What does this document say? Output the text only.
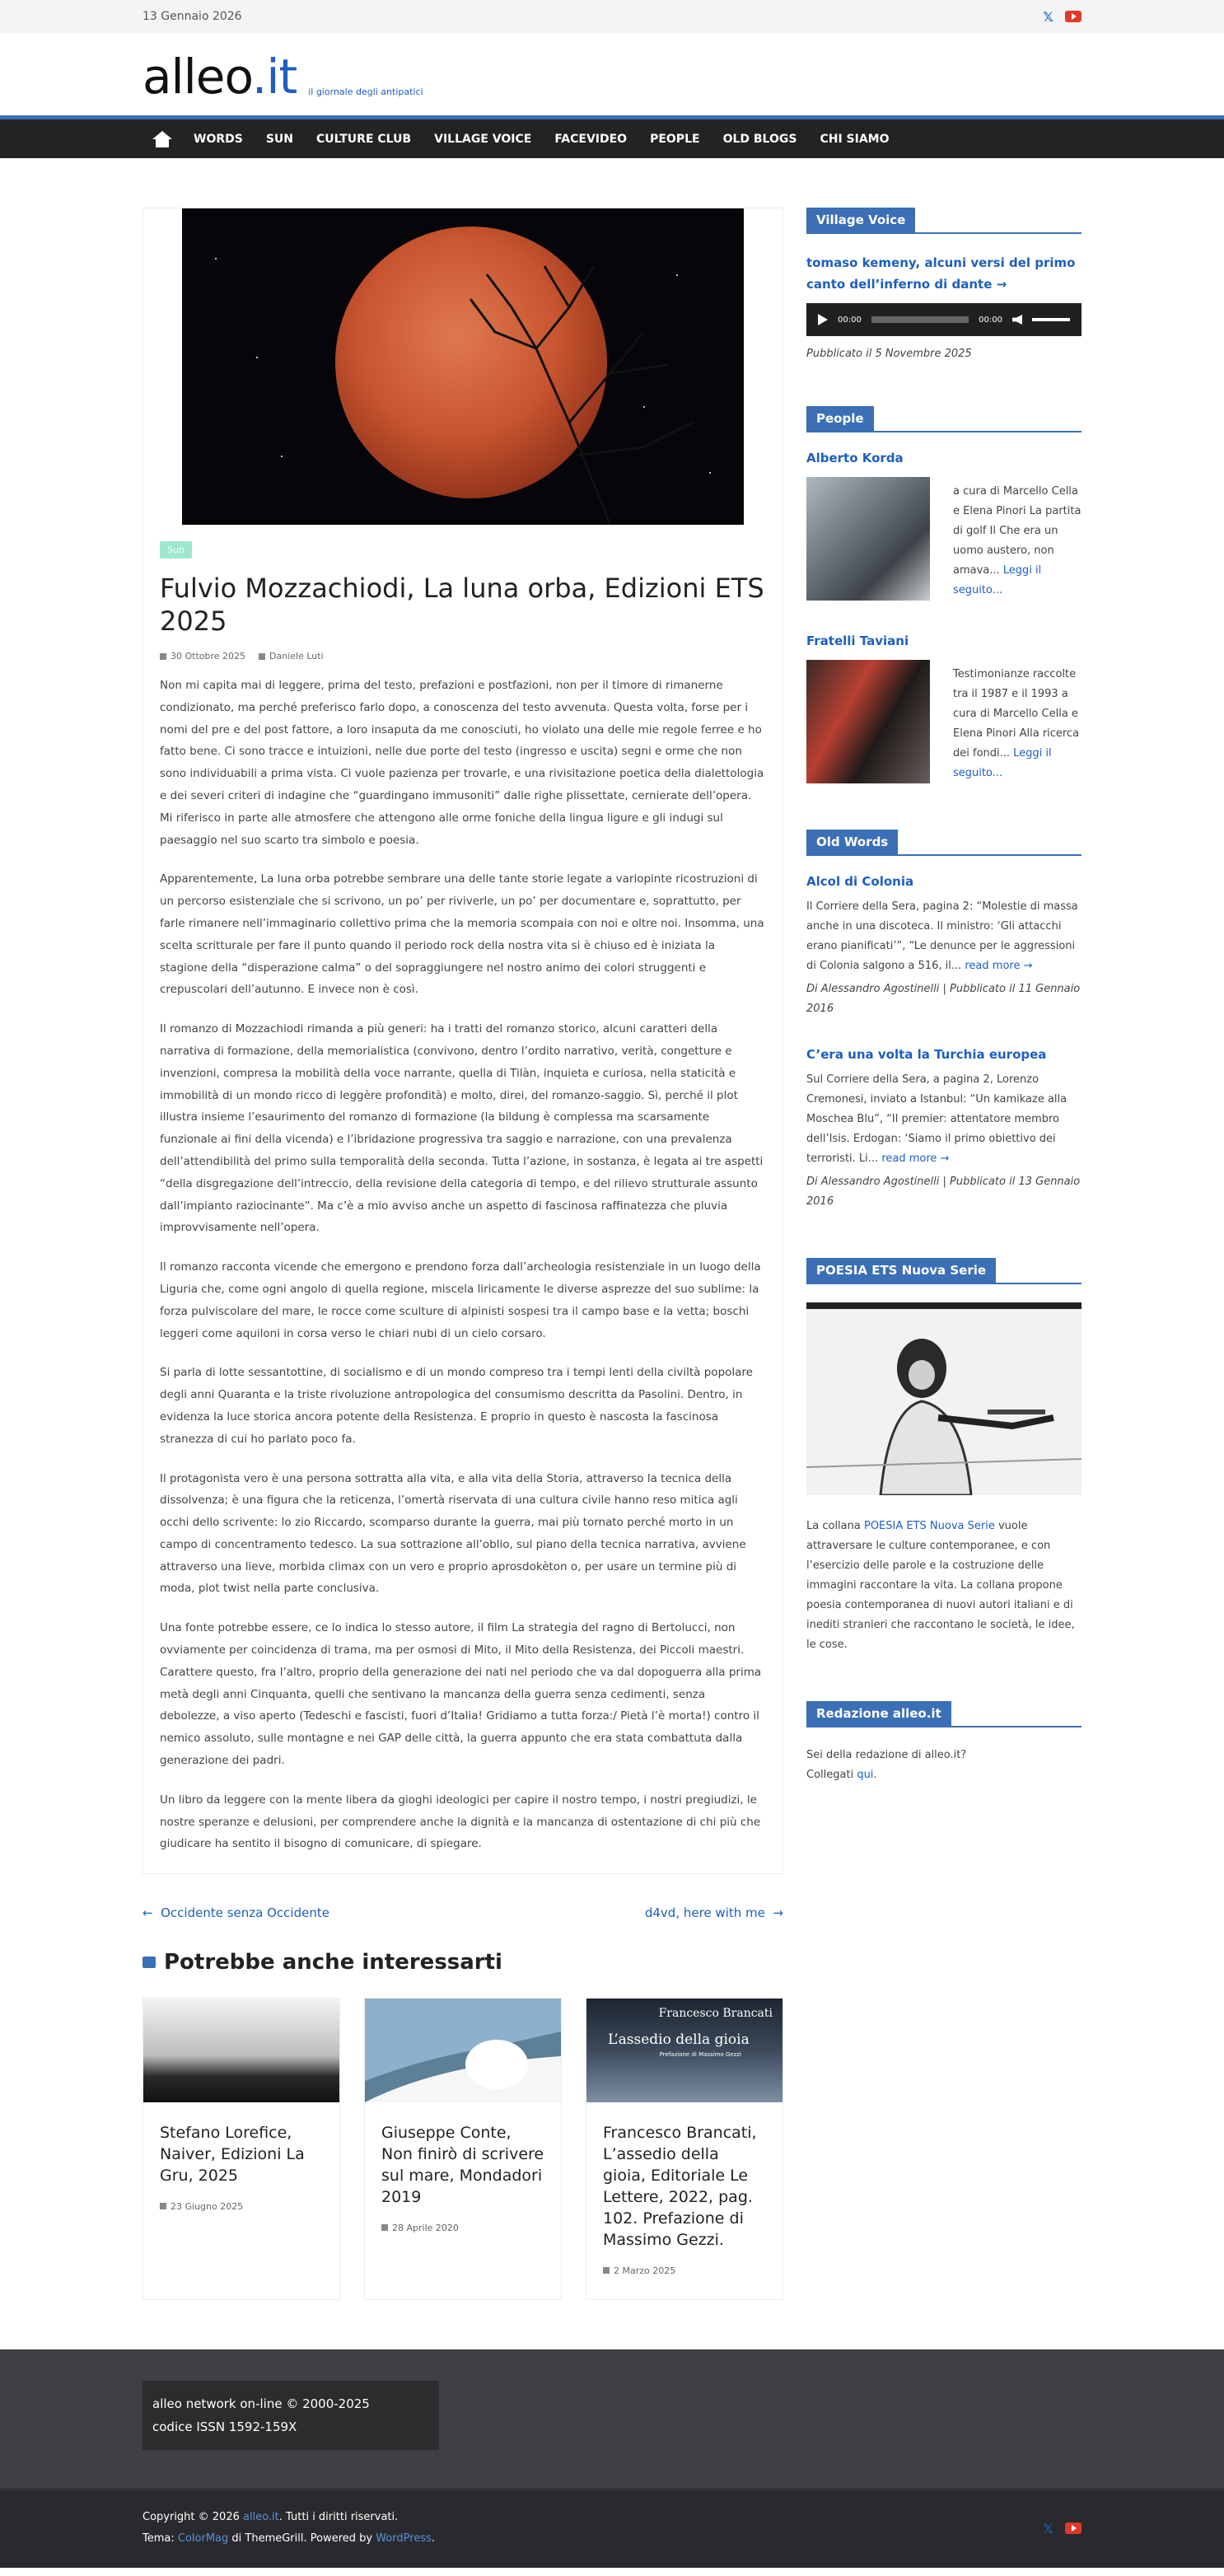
13 Gennaio 2026	𝕏
alleo.it il giornale degli antipatici
WORDS SUN CULTURE CLUB VILLAGE VOICE FACEVIDEO PEOPLE OLD BLOGS CHI SIAMO
Sun
Fulvio Mozzachiodi, La luna orba, Edizioni ETS 2025
30 Ottobre 2025	Daniele Luti

Non mi capita mai di leggere, prima del testo, prefazioni e postfazioni, non per il timore di rimanerne condizionato, ma perché preferisco farlo dopo, a conoscenza del testo avvenuta. Questa volta, forse per i nomi del pre e del post fattore, a loro insaputa da me conosciuti, ho violato una delle mie regole ferree e ho fatto bene. Ci sono tracce e intuizioni, nelle due porte del testo (ingresso e uscita) segni e orme che non sono individuabili a prima vista. Ci vuole pazienza per trovarle, e una rivisitazione poetica della dialettologia e dei severi criteri di indagine che “guardingano immusoniti” dalle righe plissettate, cernierate dell’opera. Mi riferisco in parte alle atmosfere che attengono alle orme foniche della lingua ligure e gli indugi sul paesaggio nel suo scarto tra simbolo e poesia.

Apparentemente, La luna orba potrebbe sembrare una delle tante storie legate a variopinte ricostruzioni di un percorso esistenziale che si scrivono, un po’ per riviverle, un po’ per documentare e, soprattutto, per farle rimanere nell’immaginario collettivo prima che la memoria scompaia con noi e oltre noi. Insomma, una scelta scritturale per fare il punto quando il periodo rock della nostra vita si è chiuso ed è iniziata la stagione della “disperazione calma” o del sopraggiungere nel nostro animo dei colori struggenti e crepuscolari dell’autunno. E invece non è così.

Il romanzo di Mozzachiodi rimanda a più generi: ha i tratti del romanzo storico, alcuni caratteri della narrativa di formazione, della memorialistica (convivono, dentro l’ordito narrativo, verità, congetture e invenzioni, compresa la mobilità della voce narrante, quella di Tilàn, inquieta e curiosa, nella staticità e immobilità di un mondo ricco di leggère profondità) e molto, direi, del romanzo-saggio. Sì, perché il plot illustra insieme l’esaurimento del romanzo di formazione (la bildung è complessa ma scarsamente funzionale ai fini della vicenda) e l’ibridazione progressiva tra saggio e narrazione, con una prevalenza dell’attendibilità del primo sulla temporalità della seconda. Tutta l’azione, in sostanza, è legata ai tre aspetti “della disgregazione dell’intreccio, della revisione della categoria di tempo, e del rilievo strutturale assunto dall’impianto raziocinante”. Ma c’è a mio avviso anche un aspetto di fascinosa raffinatezza che pluvia improvvisamente nell’opera.

Il romanzo racconta vicende che emergono e prendono forza dall’archeologia resistenziale in un luogo della Liguria che, come ogni angolo di quella regione, miscela liricamente le diverse asprezze del suo sublime: la forza pulviscolare del mare, le rocce come sculture di alpinisti sospesi tra il campo base e la vetta; boschi leggeri come aquiloni in corsa verso le chiari nubi di un cielo corsaro.

Si parla di lotte sessantottine, di socialismo e di un mondo compreso tra i tempi lenti della civiltà popolare degli anni Quaranta e la triste rivoluzione antropologica del consumismo descritta da Pasolini. Dentro, in evidenza la luce storica ancora potente della Resistenza. E proprio in questo è nascosta la fascinosa stranezza di cui ho parlato poco fa.

Il protagonista vero è una persona sottratta alla vita, e alla vita della Storia, attraverso la tecnica della dissolvenza; è una figura che la reticenza, l’omertà riservata di una cultura civile hanno reso mitica agli occhi dello scrivente: lo zio Riccardo, scomparso durante la guerra, mai più tornato perché morto in un campo di concentramento tedesco. La sua sottrazione all’oblio, sul piano della tecnica narrativa, avviene attraverso una lieve, morbida climax con un vero e proprio aprosdokèton o, per usare un termine più di moda, plot twist nella parte conclusiva.

Una fonte potrebbe essere, ce lo indica lo stesso autore, il film La strategia del ragno di Bertolucci, non ovviamente per coincidenza di trama, ma per osmosi di Mito, il Mito della Resistenza, dei Piccoli maestri. Carattere questo, fra l’altro, proprio della generazione dei nati nel periodo che va dal dopoguerra alla prima metà degli anni Cinquanta, quelli che sentivano la mancanza della guerra senza cedimenti, senza debolezze, a viso aperto (Tedeschi e fascisti, fuori d’Italia! Gridiamo a tutta forza:/ Pietà l’è morta!) contro il nemico assoluto, sulle montagne e nei GAP delle città, la guerra appunto che era stata combattuta dalla generazione dei padri.

Un libro da leggere con la mente libera da gioghi ideologici per capire il nostro tempo, i nostri pregiudizi, le nostre speranze e delusioni, per comprendere anche la dignità e la mancanza di ostentazione di chi più che giudicare ha sentito il bisogno di comunicare, di spiegare.

← Occidente senza Occidente	d4vd, here with me →
Potrebbe anche interessarti
Stefano Lorefice, Naiver, Edizioni La Gru, 2025
23 Giugno 2025
Giuseppe Conte, Non finirò di scrivere sul mare, Mondadori 2019
28 Aprile 2020
Francesco Brancati
L’assedio della gioia
Prefazione di Massimo Gezzi
Francesco Brancati, L’assedio della gioia, Editoriale Le Lettere, 2022, pag. 102. Prefazione di Massimo Gezzi.
2 Marzo 2025
Village Voice
tomaso kemeny, alcuni versi del primo canto dell’inferno di dante →
00:00	00:00
Pubblicato il 5 Novembre 2025
People
Alberto Korda
a cura di Marcello Cella e Elena Pinori La partita di golf Il Che era un uomo austero, non amava... Leggi il seguito...
Fratelli Taviani
Testimonianze raccolte tra il 1987 e il 1993 a cura di Marcello Cella e Elena Pinori Alla ricerca dei fondi... Leggi il seguito...
Old Words
Alcol di Colonia
Il Corriere della Sera, pagina 2: “Molestie di massa anche in una discoteca. Il ministro: ‘Gli attacchi erano pianificati’”, “Le denunce per le aggressioni di Colonia salgono a 516, il... read more →
Di Alessandro Agostinelli | Pubblicato il 11 Gennaio 2016
C’era una volta la Turchia europea
Sul Corriere della Sera, a pagina 2, Lorenzo Cremonesi, inviato a Istanbul: “Un kamikaze alla Moschea Blu”, “Il premier: attentatore membro dell’Isis. Erdogan: ‘Siamo il primo obiettivo dei terroristi. Li... read more →
Di Alessandro Agostinelli | Pubblicato il 13 Gennaio 2016
POESIA ETS Nuova Serie
La collana POESIA ETS Nuova Serie vuole attraversare le culture contemporanee, e con l’esercizio delle parole e la costruzione delle immagini raccontare la vita. La collana propone poesia contemporanea di nuovi autori italiani e di inediti stranieri che raccontano le società, le idee, le cose.
Redazione alleo.it
Sei della redazione di alleo.it?
Collegati qui.
alleo network on-line © 2000-2025
codice ISSN 1592-159X
Copyright © 2026 alleo.it. Tutti i diritti riservati.
Tema: ColorMag di ThemeGrill. Powered by WordPress.
𝕏
